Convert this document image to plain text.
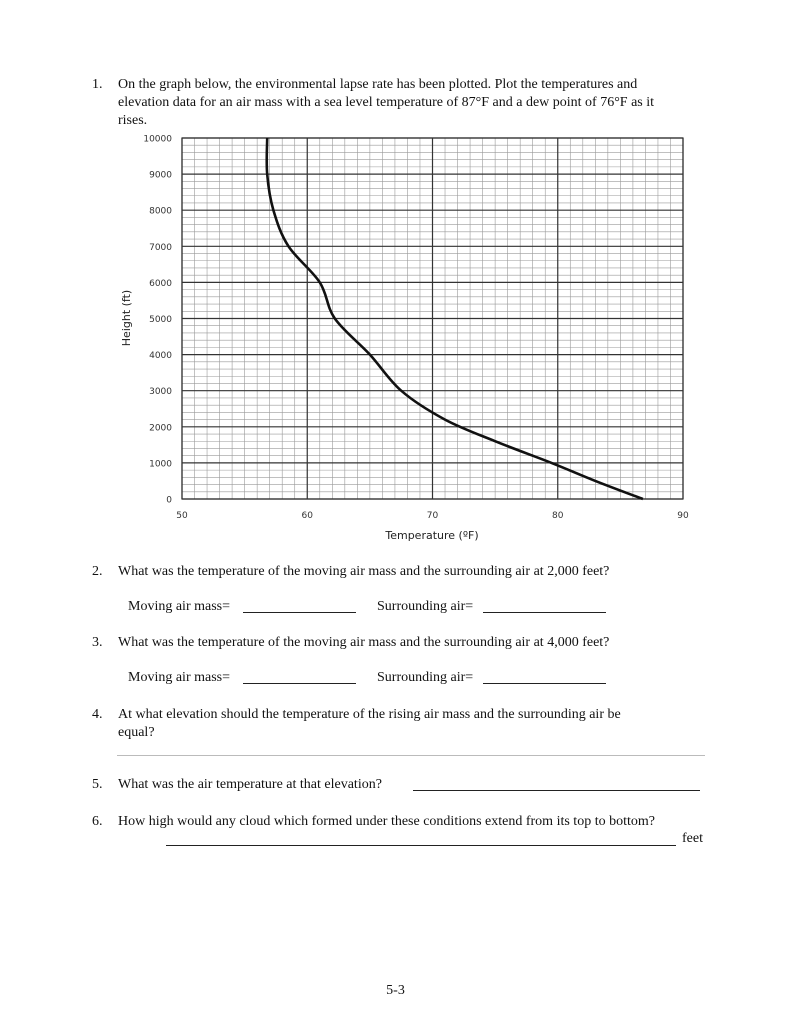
1. On the graph below, the environmental lapse rate has been plotted. Plot the temperatures and
elevation data for an air mass with a sea level temperature of 87°F and a dew point of 76°F as it
rises.
0
1000
2000
3000
4000
5000
6000
7000
8000
9000
10000
50	60	70	80	90
Temperature (ºF)
Height (ft)
2. What was the temperature of the moving air mass and the surrounding air at 2,000 feet?
Moving air mass=	Surrounding air=
3. What was the temperature of the moving air mass and the surrounding air at 4,000 feet?
Moving air mass=	Surrounding air=
4. At what elevation should the temperature of the rising air mass and the surrounding air be
equal?
5. What was the air temperature at that elevation?
6. How high would any cloud which formed under these conditions extend from its top to bottom?
feet
5-3
